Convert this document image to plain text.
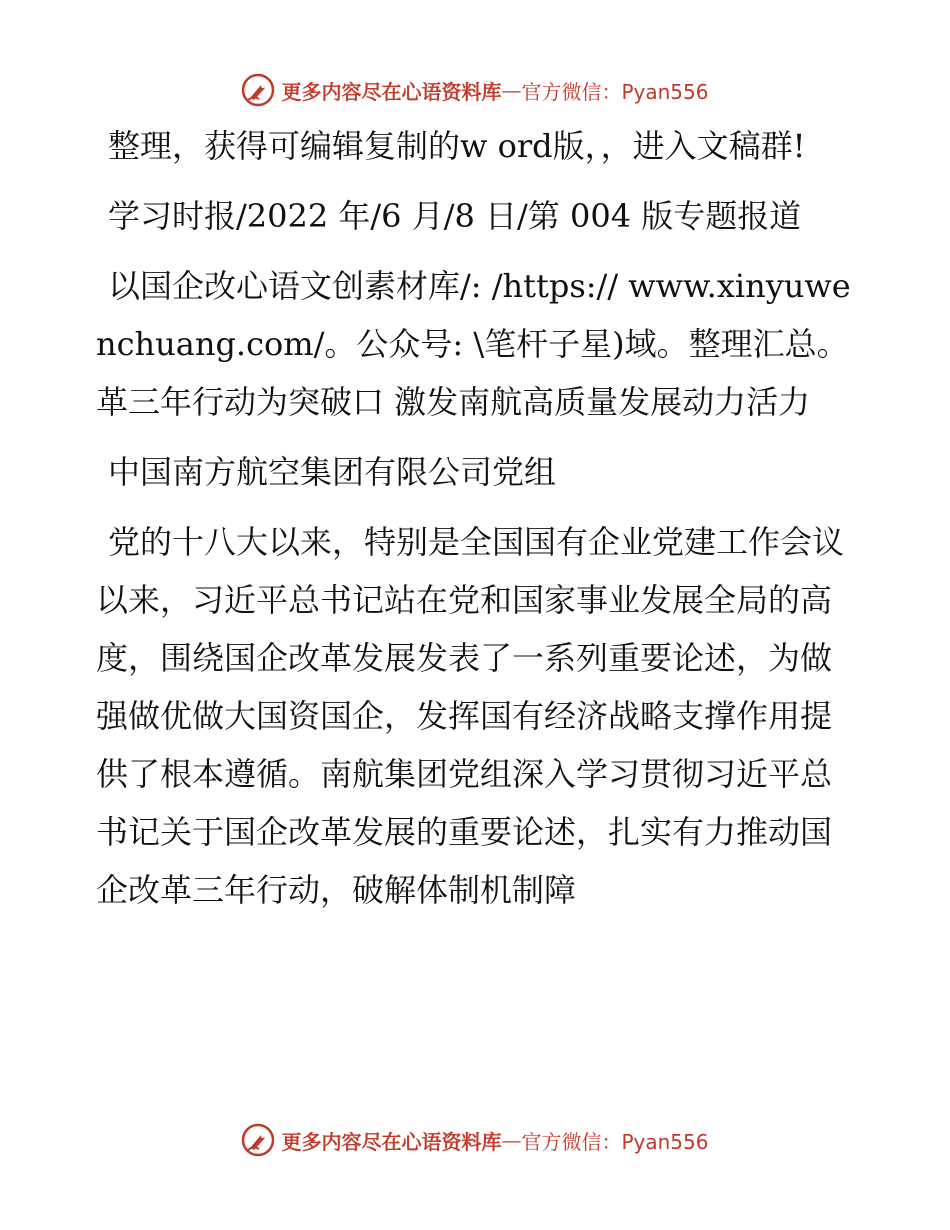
更多内容尽在心语资料库 — 官方微信：Pyan556

整理，获得可编辑复制的w ord版，，进入文稿群!

学习时报/2022 年/6 月/8 日/第 004 版专题报道

以国企改心语文创素材库/: /https:// www.xinyuwenchuang.com/。公众号: \笔杆子星)域。整理汇总。革三年行动为突破口 激发南航高质量发展动力活力

中国南方航空集团有限公司党组

党的十八大以来，特别是全国国有企业党建工作会议以来，习近平总书记站在党和国家事业发展全局的高度，围绕国企改革发展发表了一系列重要论述，为做强做优做大国资国企，发挥国有经济战略支撑作用提供了根本遵循。南航集团党组深入学习贯彻习近平总书记关于国企改革发展的重要论述，扎实有力推动国企改革三年行动，破解体制机制障

更多内容尽在心语资料库 — 官方微信：Pyan556
